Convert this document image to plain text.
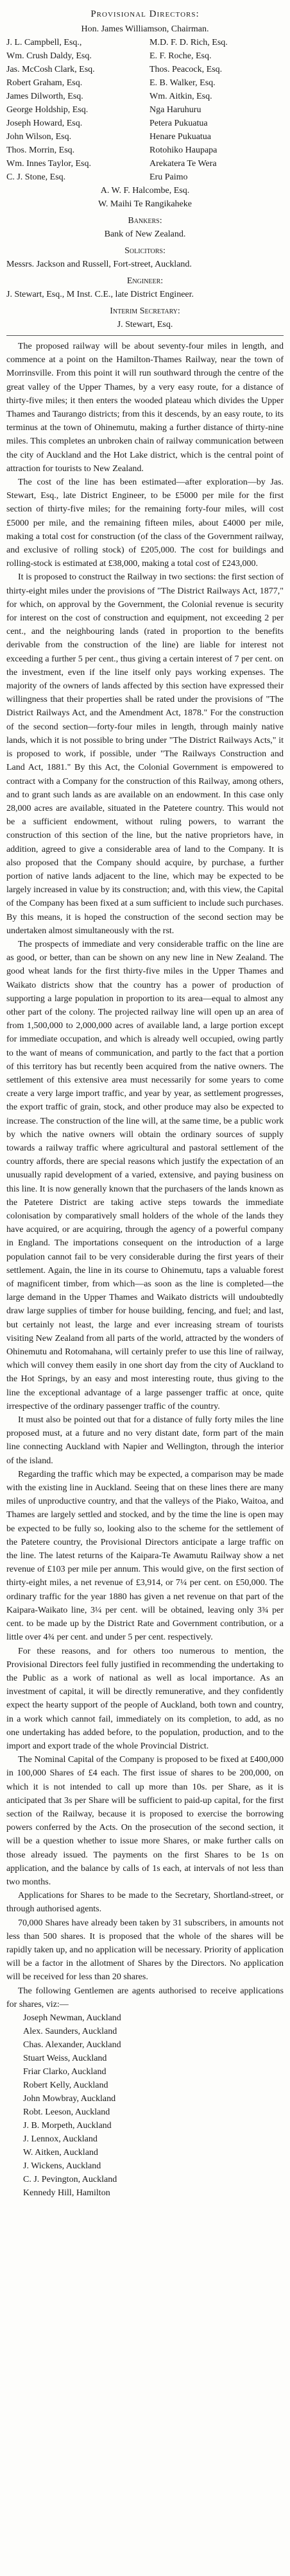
Provisional Directors:
Hon. James Williamson, Chairman.
J. L. Campbell, Esq.,	M.D. F. D. Rich, Esq.
Wm. Crush Daldy, Esq.	E. F. Roche, Esq.
Jas. McCosh Clark, Esq.	Thos. Peacock, Esq.
Robert Graham, Esq.	E. B. Walker, Esq.
James Dilworth, Esq.	Wm. Aitkin, Esq.
George Holdship, Esq.	Nga Haruhuru
Joseph Howard, Esq.	Petera Pukuatua
John Wilson, Esq.	Henare Pukuatua
Thos. Morrin, Esq.	Rotohiko Haupapa
Wm. Innes Taylor, Esq.	Arekatera Te Wera
C. J. Stone, Esq.	Eru Paimo
A. W. F. Halcombe, Esq.
W. Maihi Te Rangikaheke
Bankers:
Bank of New Zealand.
Solicitors:
Messrs. Jackson and Russell, Fort-street, Auckland.
Engineer:
J. Stewart, Esq., M Inst. C.E., late District Engineer.
Interim Secretary:
J. Stewart, Esq.

The proposed railway will be about seventy-four miles in length, and commence at a point on the Hamilton-Thames Railway, near the town of Morrinsville. From this point it will run southward through the centre of the great valley of the Upper Thames, by a very easy route, for a distance of thirty-five miles; it then enters the wooded plateau which divides the Upper Thames and Taurango districts; from this it descends, by an easy route, to its terminus at the town of Ohinemutu, making a further distance of thirty-nine miles. This completes an unbroken chain of railway communication between the city of Auckland and the Hot Lake district, which is the central point of attraction for tourists to New Zealand.

The cost of the line has been estimated—after exploration—by Jas. Stewart, Esq., late District Engineer, to be £5000 per mile for the first section of thirty-five miles; for the remaining forty-four miles, will cost £5000 per mile, and the remaining fifteen miles, about £4000 per mile, making a total cost for construction (of the class of the Government railway, and exclusive of rolling stock) of £205,000. The cost for buildings and rolling-stock is estimated at £38,000, making a total cost of £243,000.

It is proposed to construct the Railway in two sections: the first section of thirty-eight miles under the provisions of "The District Railways Act, 1877," for which, on approval by the Government, the Colonial revenue is security for interest on the cost of construction and equipment, not exceeding 2 per cent., and the neighbouring lands (rated in proportion to the benefits derivable from the construction of the line) are liable for interest not exceeding a further 5 per cent., thus giving a certain interest of 7 per cent. on the investment, even if the line itself only pays working expenses. The majority of the owners of lands affected by this section have expressed their willingness that their properties shall be rated under the provisions of "The District Railways Act, and the Amendment Act, 1878." For the construction of the second section—forty-four miles in length, through mainly native lands, which it is not possible to bring under "The District Railways Acts," it is proposed to work, if possible, under "The Railways Construction and Land Act, 1881." By this Act, the Colonial Government is empowered to contract with a Company for the construction of this Railway, among others, and to grant such lands as are available on an endowment. In this case only 28,000 acres are available, situated in the Patetere country. This would not be a sufficient endowment, without ruling powers, to warrant the construction of this section of the line, but the native proprietors have, in addition, agreed to give a considerable area of land to the Company. It is also proposed that the Company should acquire, by purchase, a further portion of native lands adjacent to the line, which may be expected to be largely increased in value by its construction; and, with this view, the Capital of the Company has been fixed at a sum sufficient to include such purchases. By this means, it is hoped the construction of the second section may be undertaken almost simultaneously with the rst.

The prospects of immediate and very considerable traffic on the line are as good, or better, than can be shown on any new line in New Zealand. The good wheat lands for the first thirty-five miles in the Upper Thames and Waikato districts show that the country has a power of production of supporting a large population in proportion to its area—equal to almost any other part of the colony. The projected railway line will open up an area of from 1,500,000 to 2,000,000 acres of available land, a large portion except for immediate occupation, and which is already well occupied, owing partly to the want of means of communication, and partly to the fact that a portion of this territory has but recently been acquired from the native owners. The settlement of this extensive area must necessarily for some years to come create a very large import traffic, and year by year, as settlement progresses, the export traffic of grain, stock, and other produce may also be expected to increase. The construction of the line will, at the same time, be a public work by which the native owners will obtain the ordinary sources of supply towards a railway traffic where agricultural and pastoral settlement of the country affords, there are special reasons which justify the expectation of an unusually rapid development of a varied, extensive, and paying business on this line. It is now generally known that the purchasers of the lands known as the Patetere District are taking active steps towards the immediate colonisation by comparatively small holders of the whole of the lands they have acquired, or are acquiring, through the agency of a powerful company in England. The importations consequent on the introduction of a large population cannot fail to be very considerable during the first years of their settlement. Again, the line in its course to Ohinemutu, taps a valuable forest of magnificent timber, from which—as soon as the line is completed—the large demand in the Upper Thames and Waikato districts will undoubtedly draw large supplies of timber for house building, fencing, and fuel; and last, but certainly not least, the large and ever increasing stream of tourists visiting New Zealand from all parts of the world, attracted by the wonders of Ohinemutu and Rotomahana, will certainly prefer to use this line of railway, which will convey them easily in one short day from the city of Auckland to the Hot Springs, by an easy and most interesting route, thus giving to the line the exceptional advantage of a large passenger traffic at once, quite irrespective of the ordinary passenger traffic of the country.

It must also be pointed out that for a distance of fully forty miles the line proposed must, at a future and no very distant date, form part of the main line connecting Auckland with Napier and Wellington, through the interior of the island.

Regarding the traffic which may be expected, a comparison may be made with the existing line in Auckland. Seeing that on these lines there are many miles of unproductive country, and that the valleys of the Piako, Waitoa, and Thames are largely settled and stocked, and by the time the line is open may be expected to be fully so, looking also to the scheme for the settlement of the Patetere country, the Provisional Directors anticipate a large traffic on the line. The latest returns of the Kaipara-Te Awamutu Railway show a net revenue of £103 per mile per annum. This would give, on the first section of thirty-eight miles, a net revenue of £3,914, or 7¼ per cent. on £50,000. The ordinary traffic for the year 1880 has given a net revenue on that part of the Kaipara-Waikato line, 3¼ per cent. will be obtained, leaving only 3¾ per cent. to be made up by the District Rate and Government contribution, or a little over 4¾ per cent. and under 5 per cent. respectively.

For these reasons, and for others too numerous to mention, the Provisional Directors feel fully justified in recommending the undertaking to the Public as a work of national as well as local importance. As an investment of capital, it will be directly remunerative, and they confidently expect the hearty support of the people of Auckland, both town and country, in a work which cannot fail, immediately on its completion, to add, as no one undertaking has added before, to the population, production, and to the import and export trade of the whole Provincial District.

The Nominal Capital of the Company is proposed to be fixed at £400,000 in 100,000 Shares of £4 each. The first issue of shares to be 200,000, on which it is not intended to call up more than 10s. per Share, as it is anticipated that 3s per Share will be sufficient to paid-up capital, for the first section of the Railway, because it is proposed to exercise the borrowing powers conferred by the Acts. On the prosecution of the second section, it will be a question whether to issue more Shares, or make further calls on those already issued. The payments on the first Shares to be 1s on application, and the balance by calls of 1s each, at intervals of not less than two months.

Applications for Shares to be made to the Secretary, Shortland-street, or through authorised agents.

70,000 Shares have already been taken by 31 subscribers, in amounts not less than 500 shares. It is proposed that the whole of the shares will be rapidly taken up, and no application will be necessary. Priority of application will be a factor in the allotment of Shares by the Directors. No application will be received for less than 20 shares.

The following Gentlemen are agents authorised to receive applications for shares, viz:—

Joseph Newman, Auckland
Alex. Saunders, Auckland
Chas. Alexander, Auckland
Stuart Weiss, Auckland
Friar Clarko, Auckland
Robert Kelly, Auckland
John Mowbray, Auckland
Robt. Leeson, Auckland
J. B. Morpeth, Auckland
J. Lennox, Auckland
W. Aitken, Auckland
J. Wickens, Auckland
C. J. Pevington, Auckland
Kennedy Hill, Hamilton
